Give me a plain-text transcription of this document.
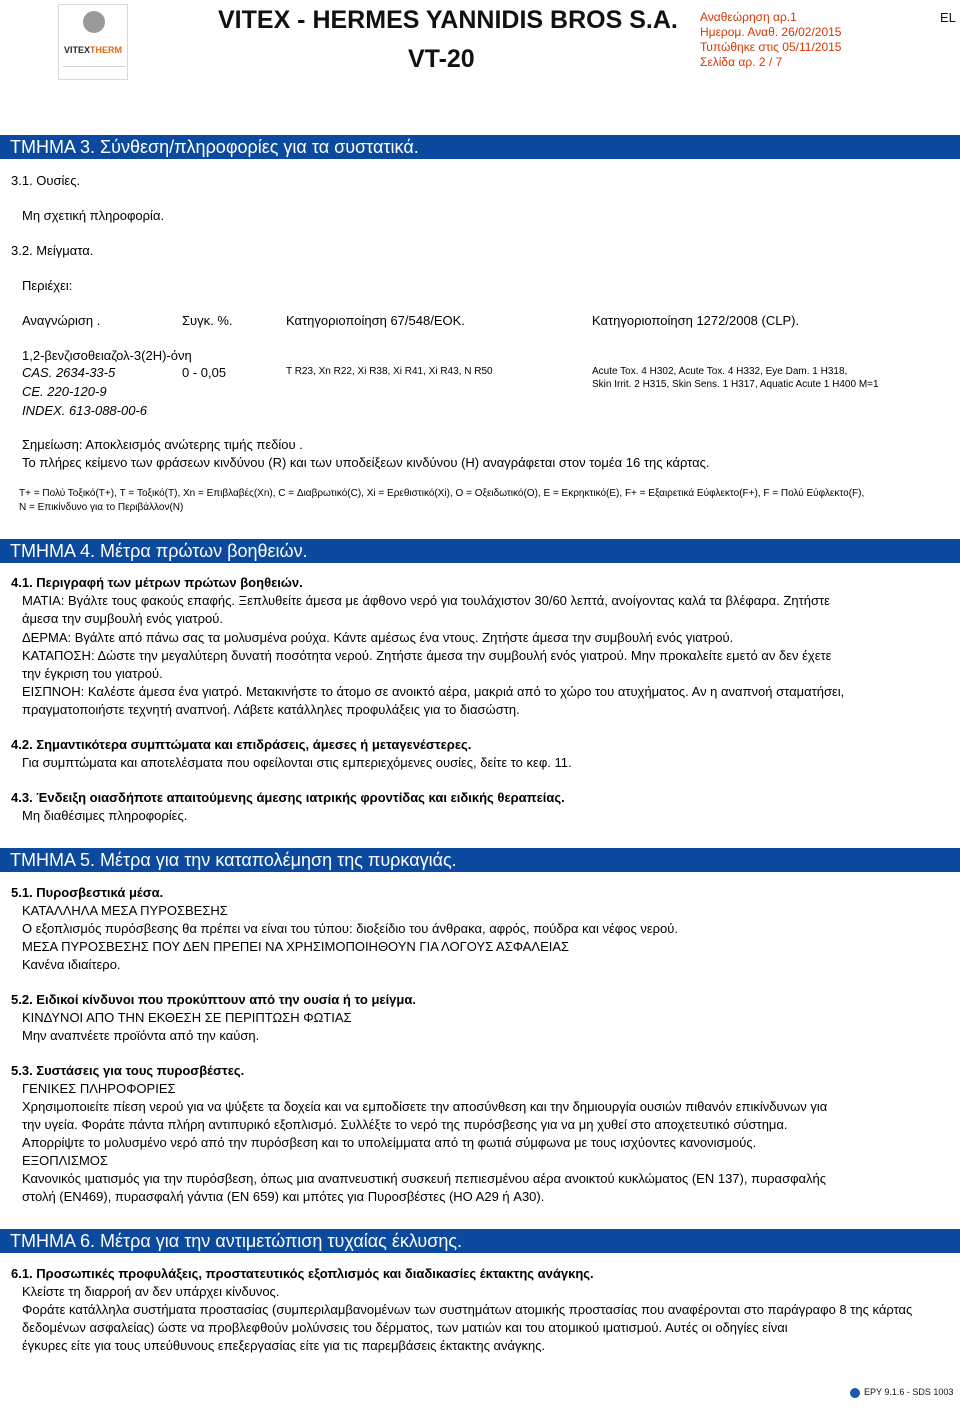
VITEXTHERM
VITEX - HERMES YANNIDIS BROS S.A.
VT-20
Αναθεώρηση αρ.1
Ημερομ. Αναθ. 26/02/2015
Τυπώθηκε στις 05/11/2015
Σελίδα αρ. 2 / 7
EL
ΤΜΗΜΑ 3. Σύνθεση/πληροφορίες για τα συστατικά.
3.1. Ουσίες.
Μη σχετική πληροφορία.
3.2. Μείγματα.
Περιέχει:
Αναγνώριση .	Συγκ. %.	Κατηγοριοποίηση 67/548/ΕΟΚ.	Κατηγοριοποίηση 1272/2008 (CLP).
1,2-βενζισοθειαζολ-3(2H)-όνη
CAS. 2634-33-5	0 - 0,05	T R23, Xn R22, Xi R38, Xi R41, Xi R43, N R50	Acute Tox. 4 H302, Acute Tox. 4 H332, Eye Dam. 1 H318,
Skin Irrit. 2 H315, Skin Sens. 1 H317, Aquatic Acute 1 H400 M=1
CE. 220-120-9
INDEX. 613-088-00-6
Σημείωση: Αποκλεισμός ανώτερης τιμής πεδίου .
Το πλήρες κείμενο των φράσεων κινδύνου (R) και των υποδείξεων κινδύνου (H) αναγράφεται στον τομέα 16 της κάρτας.
T+ = Πολύ Τοξικό(T+), T = Τοξικό(T), Xn = Επιβλαβές(Xn), C = Διαβρωτικό(C), Xi = Ερεθιστικό(Xi), O = Οξειδωτικό(O), E = Εκρηκτικό(E), F+ = Εξαιρετικά Εύφλεκτο(F+), F = Πολύ Εύφλεκτο(F),
N = Επικίνδυνο για το Περιβάλλον(N)
ΤΜΗΜΑ 4. Μέτρα πρώτων βοηθειών.
4.1. Περιγραφή των μέτρων πρώτων βοηθειών.
ΜΑΤΙΑ: Βγάλτε τους φακούς επαφής. Ξεπλυθείτε άμεσα με άφθονο νερό για τουλάχιστον 30/60 λεπτά, ανοίγοντας καλά τα βλέφαρα. Ζητήστε
άμεσα την συμβουλή ενός γιατρού.
ΔΕΡΜΑ: Βγάλτε από πάνω σας τα μολυσμένα ρούχα. Κάντε αμέσως ένα ντους. Ζητήστε άμεσα την συμβουλή ενός γιατρού.
ΚΑΤΑΠΟΣΗ: Δώστε την μεγαλύτερη δυνατή ποσότητα νερού. Ζητήστε άμεσα την συμβουλή ενός γιατρού. Μην προκαλείτε εμετό αν δεν έχετε
την έγκριση του γιατρού.
ΕΙΣΠΝΟΗ: Καλέστε άμεσα ένα γιατρό. Μετακινήστε το άτομο σε ανοικτό αέρα, μακριά από το χώρο του ατυχήματος. Αν η αναπνοή σταματήσει,
πραγματοποιήστε τεχνητή αναπνοή. Λάβετε κατάλληλες προφυλάξεις για το διασώστη.
4.2. Σημαντικότερα συμπτώματα και επιδράσεις, άμεσες ή μεταγενέστερες.
Για συμπτώματα και αποτελέσματα που οφείλονται στις εμπεριεχόμενες ουσίες, δείτε το κεφ. 11.
4.3. Ένδειξη οιασδήποτε απαιτούμενης άμεσης ιατρικής φροντίδας και ειδικής θεραπείας.
Μη διαθέσιμες πληροφορίες.
ΤΜΗΜΑ 5. Μέτρα για την καταπολέμηση της πυρκαγιάς.
5.1. Πυροσβεστικά μέσα.
ΚΑΤΑΛΛΗΛΑ ΜΕΣΑ ΠΥΡΟΣΒΕΣΗΣ
Ο εξοπλισμός πυρόσβεσης θα πρέπει να είναι του τύπου: διοξείδιο του άνθρακα, αφρός, πούδρα και νέφος νερού.
ΜΕΣΑ ΠΥΡΟΣΒΕΣΗΣ ΠΟΥ ΔΕΝ ΠΡΕΠΕΙ ΝΑ ΧΡΗΣΙΜΟΠΟΙΗΘΟΥΝ ΓΙΑ ΛΟΓΟΥΣ ΑΣΦΑΛΕΙΑΣ
Κανένα ιδιαίτερο.
5.2. Ειδικοί κίνδυνοι που προκύπτουν από την ουσία ή το μείγμα.
ΚΙΝΔΥΝΟΙ ΑΠΟ ΤΗΝ ΕΚΘΕΣΗ ΣΕ ΠΕΡΙΠΤΩΣΗ ΦΩΤΙΑΣ
Μην αναπνέετε προϊόντα από την καύση.
5.3. Συστάσεις για τους πυροσβέστες.
ΓΕΝΙΚΕΣ ΠΛΗΡΟΦΟΡΙΕΣ
Χρησιμοποιείτε πίεση νερού για να ψύξετε τα δοχεία και να εμποδίσετε την αποσύνθεση και την δημιουργία ουσιών πιθανόν επικίνδυνων για
την υγεία. Φοράτε πάντα πλήρη αντιπυρικό εξοπλισμό. Συλλέξτε το νερό της πυρόσβεσης για να μη χυθεί στο αποχετευτικό σύστημα.
Απορρίψτε το μολυσμένο νερό από την πυρόσβεση και το υπολείμματα από τη φωτιά σύμφωνα με τους ισχύοντες κανονισμούς.
ΕΞΟΠΛΙΣΜΟΣ
Κανονικός ιματισμός για την πυρόσβεση, όπως μια αναπνευστική συσκευή πεπιεσμένου αέρα ανοικτού κυκλώματος (EN 137), πυρασφαλής
στολή (EN469), πυρασφαλή γάντια (EN 659) και μπότες για Πυροσβέστες (HO A29 ή A30).
ΤΜΗΜΑ 6. Μέτρα για την αντιμετώπιση τυχαίας έκλυσης.
6.1. Προσωπικές προφυλάξεις, προστατευτικός εξοπλισμός και διαδικασίες έκτακτης ανάγκης.
Κλείστε τη διαρροή αν δεν υπάρχει κίνδυνος.
Φοράτε κατάλληλα συστήματα προστασίας (συμπεριλαμβανομένων των συστημάτων ατομικής προστασίας που αναφέρονται στο παράγραφο 8 της κάρτας
δεδομένων ασφαλείας) ώστε να προβλεφθούν μολύνσεις του δέρματος, των ματιών και του ατομικού ιματισμού. Αυτές οι οδηγίες είναι
έγκυρες είτε για τους υπεύθυνους επεξεργασίας είτε για τις παρεμβάσεις έκτακτης ανάγκης.
EPY 9.1.6 - SDS 1003
